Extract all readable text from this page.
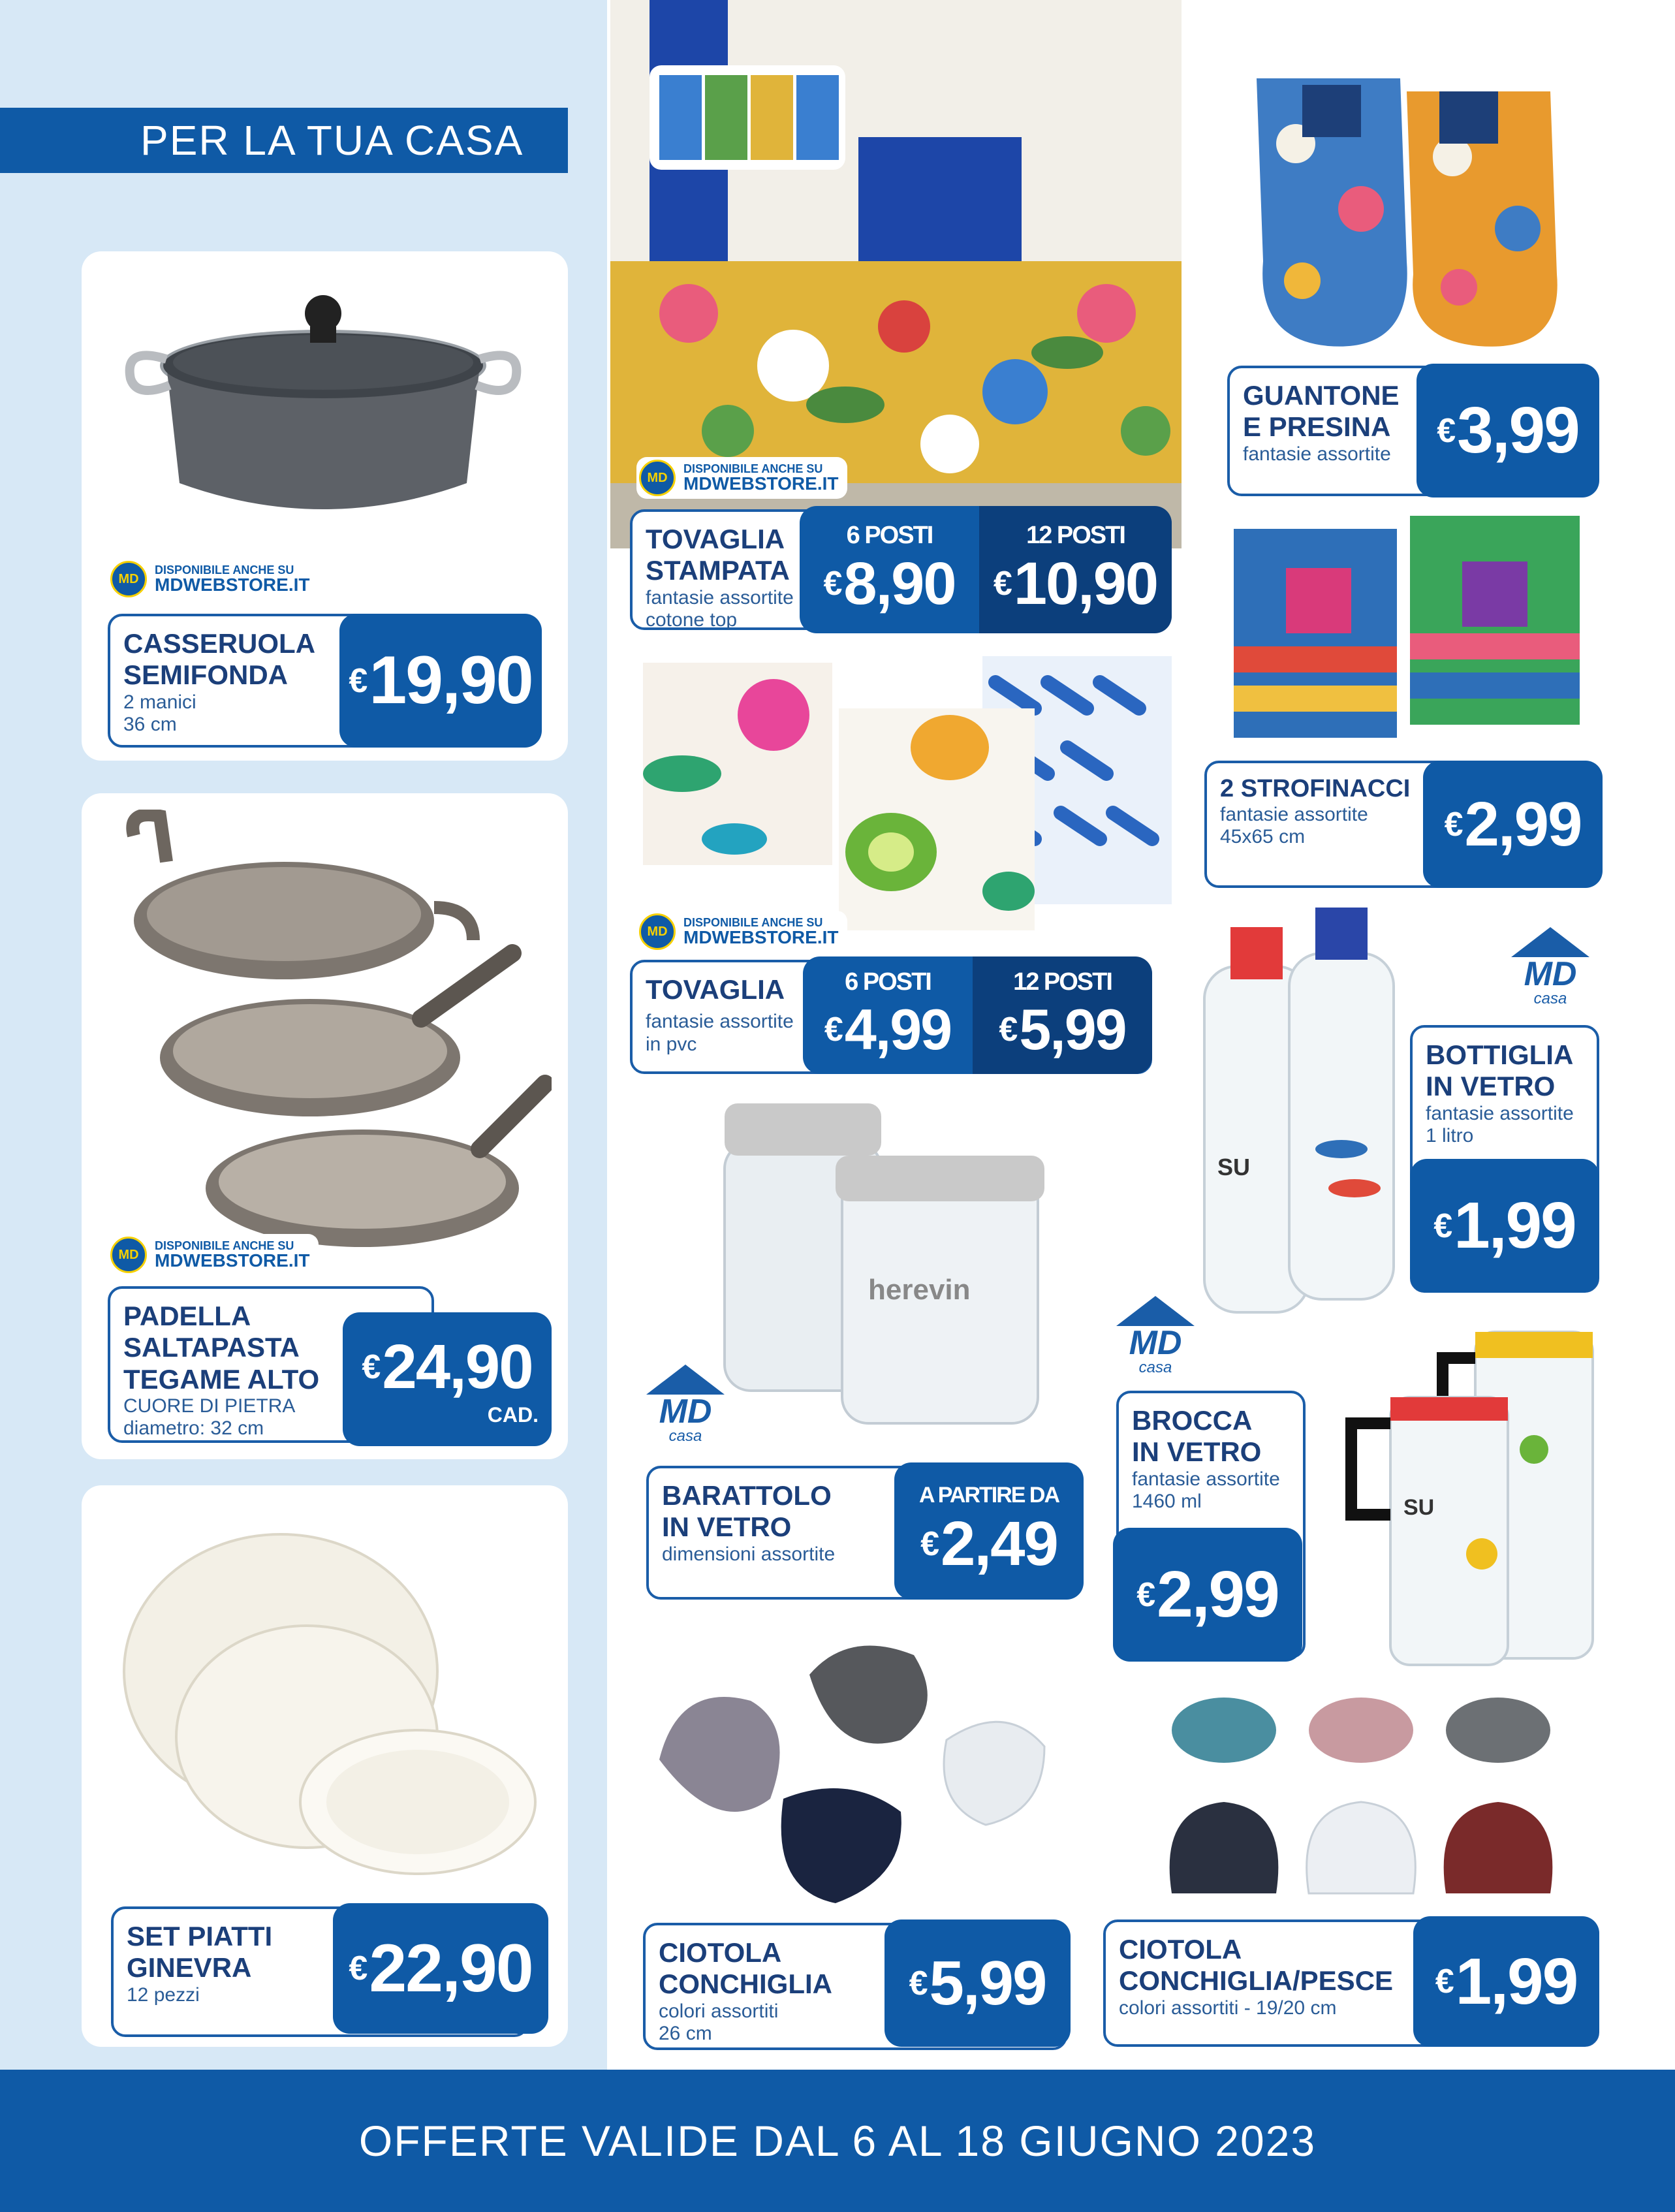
PER LA TUA CASA
MD
DISPONIBILE ANCHE SU
MDWEBSTORE.IT
CASSERUOLA
SEMIFONDA
2 manici
36 cm
€ 19,90
MD
DISPONIBILE ANCHE SU
MDWEBSTORE.IT
PADELLA
SALTAPASTA
TEGAME ALTO
CUORE DI PIETRA
diametro: 32 cm
€ 24,90
CAD.
SET PIATTI
GINEVRA
12 pezzi
€ 22,90
MD
DISPONIBILE ANCHE SU
MDWEBSTORE.IT
TOVAGLIA
STAMPATA
fantasie assortite
cotone top
6 POSTI
€ 8,90
12 POSTI
€ 10,90
MD
DISPONIBILE ANCHE SU
MDWEBSTORE.IT
TOVAGLIA
fantasie assortite
in pvc
6 POSTI
€ 4,99
12 POSTI
€ 5,99
herevin
MD
casa
BARATTOLO
IN VETRO
dimensioni assortite
A PARTIRE DA
€ 2,49
CIOTOLA
CONCHIGLIA
colori assortiti
26 cm
€ 5,99
GUANTONE
E PRESINA
fantasie assortite
€ 3,99
2 STROFINACCI
fantasie assortite
45x65 cm	€ 2,99
SU
MD
casa
BOTTIGLIA
IN VETRO
fantasie assortite
1 litro
€ 1,99
MD
casa
SU
BROCCA
IN VETRO
fantasie assortite
1460 ml
€ 2,99
CIOTOLA
CONCHIGLIA/PESCE
colori assortiti - 19/20 cm
€ 1,99
OFFERTE VALIDE DAL 6 AL 18 GIUGNO 2023
